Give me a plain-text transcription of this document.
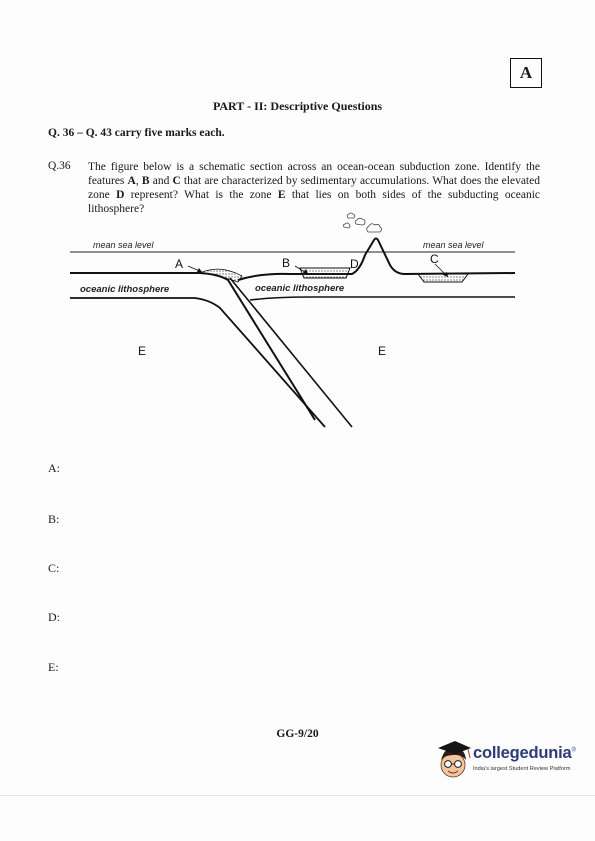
A
PART - II: Descriptive Questions
Q. 36 – Q. 43 carry five marks each.
Q.36 The figure below is a schematic section across an ocean-ocean subduction zone. Identify the features A, B and C that are characterized by sedimentary accumulations. What does the elevated zone D represent? What is the zone E that lies on both sides of the subducting oceanic lithosphere?
mean sea level	mean sea level
oceanic lithosphere	oceanic lithosphere
A	B	C
D
E	E
A:
B:
C:
D:
E:
GG-9/20
collegedunia®
India's largest Student Review Platform
